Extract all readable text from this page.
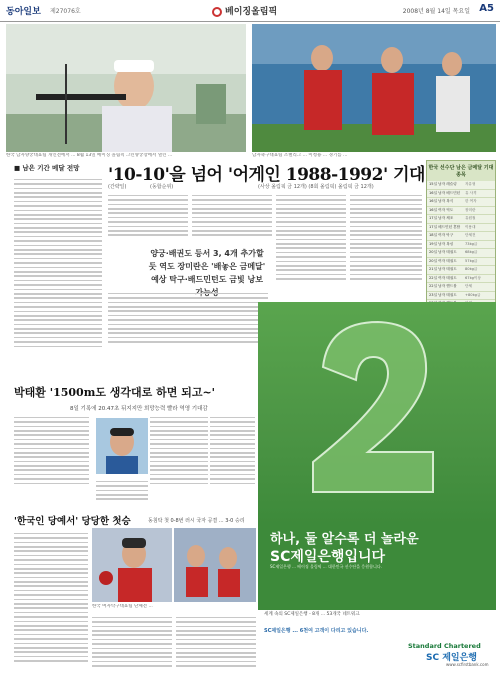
동아일보 제27076호	베이징올림픽	2008년 8월 14일 목요일 A5
한국 남자양궁대표팀 개인전에서 ... 8월 13일 베이징 올림픽 그린양궁장에서 열린 ...	남자축구대표팀 조별리그 ... 이청용 ... 경기를 ...
■ 남은 기간 메달 전망 '10-10'을 넘어 '어게인 1988-1992' 기대
(간략일)	(동합순위)	(사상 올림픽 금 12개) (8회 올림픽) 올림픽 금 12개)
양궁·배권도 등서 3, 4개 추가할 듯 역도 장미란은 '배놓은 금메달' 예상 탁구·배드민턴도 금빛 낭보
한국 선수단 남은 금메달 기대 종목
15일 남자 레슬링	자유형
16일 남자 배드민턴	유 사격
16일 남자 복식	한 여자
16일 여자 역도	장미란
17일 남자 체조	유원철
17일 배드민턴 혼합	이용대
18일 여자 탁구	단체전
19일 남자 복싱	73kg급
20일 남자 태권도	68kg급
20일 여자 태권도	57kg급
21일 남자 태권도	80kg급
22일 여자 태권도	67kg이상
22일 남자 핸드볼	단체
23일 남자 태권도	+80kg급
박태환 '1500m도 생각대로 하면 되고~'
8일 기록에 20.47초 뒤지지만 희망능력 빨라 역영 기대감
'한국인 당예서' 당당한 첫승	동침탁 첫 0-8번 러시 국자 공결 ... 3-0 승리
한국 여자탁구대표팀 단체전 ...
하나, 둘 알수록 더 놀라운
SC제일은행입니다
SC제일은행 ... 베이징 올림픽 ... 대한민국 선수단을 응원합니다.
세계 속의 SC제일은행 - 8개 ... 53개국 네트워크
SC제일은행 ... 6천여 고객이 다리고 있습니다.
Standard Chartered
SC 제일은행
www.scfirstbank.com
